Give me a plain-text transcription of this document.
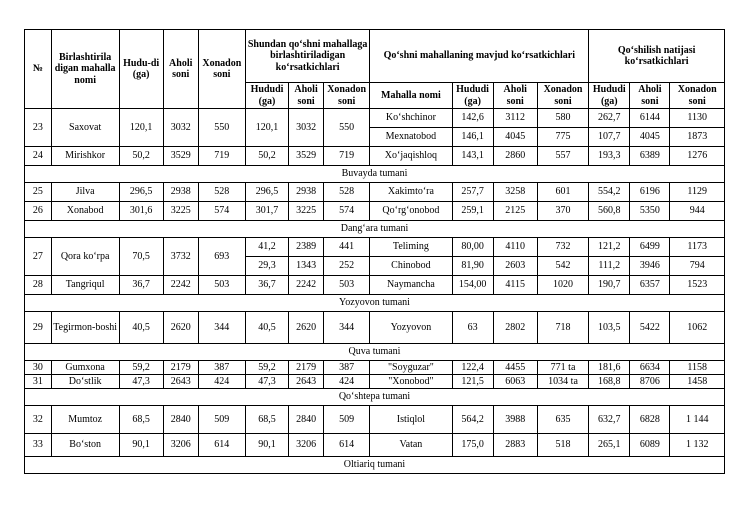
№	Birlashtirila digan mahalla nomi	Hudu-di (ga)	Aholi soni	Xonadon soni	Shundan qoʻshni mahallaga birlashtiriladigan koʻrsatkichlari			Qoʻshni mahallaning mavjud koʻrsatkichlari				Qoʻshilish natijasi koʻrsatkichlari		
					Hududi (ga)	Aholi soni	Xonadon soni	Mahalla nomi	Hududi (ga)	Aholi soni	Xonadon soni	Hududi (ga)	Aholi soni	Xonadon soni
23	Saxovat	120,1	3032	550	120,1	3032	550	Koʻshchinor	142,6	3112	580	262,7	6144	1130
								Mexnatobod	146,1	4045	775	107,7	4045	1873
24	Mirishkor	50,2	3529	719	50,2	3529	719	Xoʻjaqishloq	143,1	2860	557	193,3	6389	1276
Buvayda tumani														
25	Jilva	296,5	2938	528	296,5	2938	528	Xakimtoʻra	257,7	3258	601	554,2	6196	1129
26	Xonabod	301,6	3225	574	301,7	3225	574	Qoʻrgʻonobod	259,1	2125	370	560,8	5350	944
Dangʻara tumani														
27	Qora koʻrpa	70,5	3732	693	41,2	2389	441	Teliming	80,00	4110	732	121,2	6499	1173
					29,3	1343	252	Chinobod	81,90	2603	542	111,2	3946	794
28	Tangriqul	36,7	2242	503	36,7	2242	503	Naymancha	154,00	4115	1020	190,7	6357	1523
Yozyovon tumani														
29	Tegirmon-boshi	40,5	2620	344	40,5	2620	344	Yozyovon	63	2802	718	103,5	5422	1062
Quva tumani														
30	Gumxona	59,2	2179	387	59,2	2179	387	"Soyguzar"	122,4	4455	771 ta	181,6	6634	1158
31	Doʻstlik	47,3	2643	424	47,3	2643	424	"Xonobod"	121,5	6063	1034 ta	168,8	8706	1458
Qoʻshtepa tumani														
32	Mumtoz	68,5	2840	509	68,5	2840	509	Istiqlol	564,2	3988	635	632,7	6828	1 144
33	Boʻston	90,1	3206	614	90,1	3206	614	Vatan	175,0	2883	518	265,1	6089	1 132
Oltiariq tumani														
